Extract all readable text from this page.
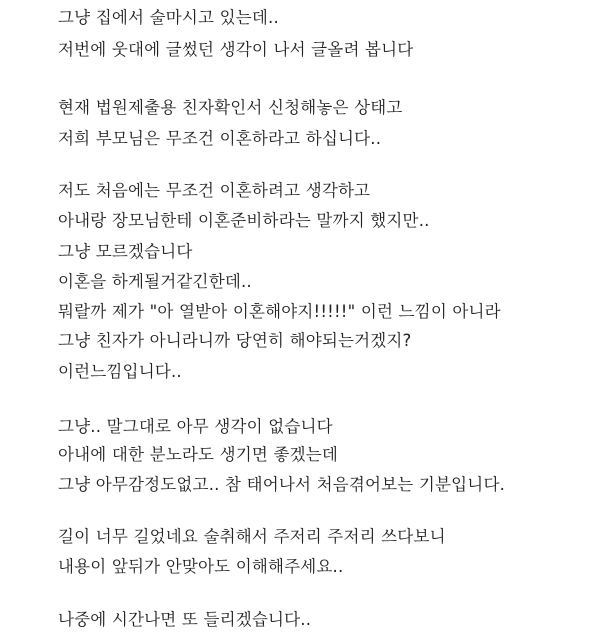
그냥 집에서 술마시고 있는데..
저번에 웃대에 글썼던 생각이 나서 글올려 봅니다
현재 법원제출용 친자확인서 신청해놓은 상태고
저희 부모님은 무조건 이혼하라고 하십니다..
저도 처음에는 무조건 이혼하려고 생각하고
아내랑 장모님한테 이혼준비하라는 말까지 했지만..
그냥 모르겠습니다
이혼을 하게될거같긴한데..
뭐랄까 제가 "아 열받아 이혼해야지!!!!!" 이런 느낌이 아니라
그냥 친자가 아니라니까 당연히 해야되는거겠지?
이런느낌입니다..
그냥.. 말그대로 아무 생각이 없습니다
아내에 대한 분노라도 생기면 좋겠는데
그냥 아무감정도없고.. 참 태어나서 처음겪어보는 기분입니다.
길이 너무 길었네요 술취해서 주저리 주저리 쓰다보니
내용이 앞뒤가 안맞아도 이해해주세요..
나중에 시간나면 또 들리겠습니다..
